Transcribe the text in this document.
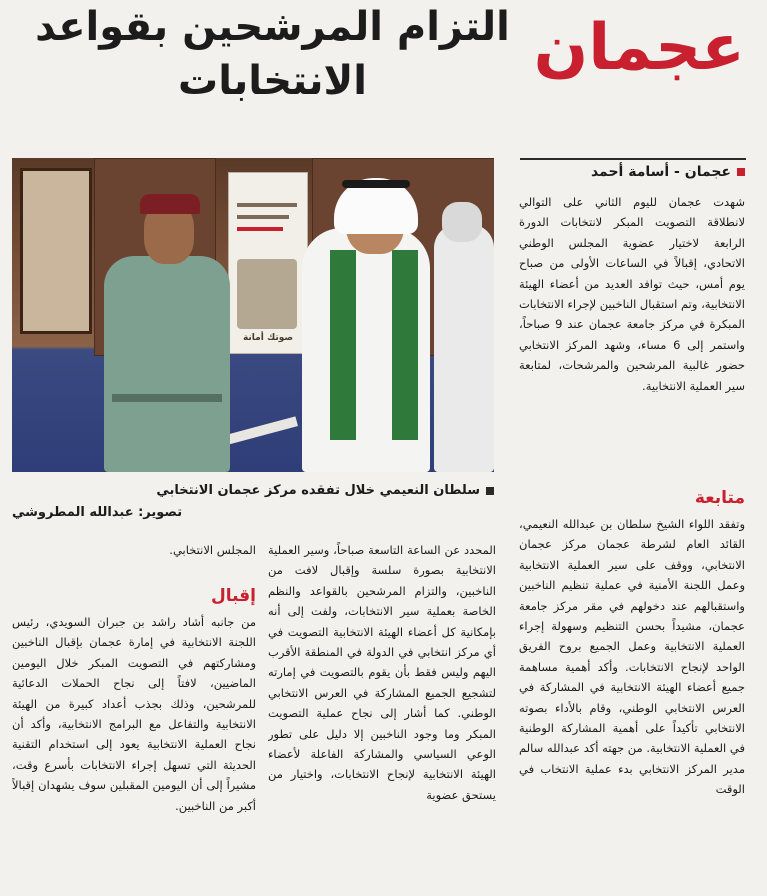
عجمان
التزام المرشحين بقواعد الانتخابات
عجمان - أسامة أحمد
صوتك أمانة
سلطان النعيمي خلال تفقده مركز عجمان الانتخابي
تصوير: عبدالله المطروشي

شهدت عجمان لليوم الثاني على التوالي لانطلاقة التصويت المبكر لانتخابات الدورة الرابعة لاختيار عضوية المجلس الوطني الاتحادي، إقبالاً في الساعات الأولى من صباح يوم أمس، حيث توافد العديد من أعضاء الهيئة الانتخابية، وتم استقبال الناخبين لإجراء الانتخابات المبكرة في مركز جامعة عجمان عند 9 صباحاً، واستمر إلى 6 مساء، وشهد المركز الانتخابي حضور غالبية المرشحين والمرشحات، لمتابعة سير العملية الانتخابية.

متابعة

وتفقد اللواء الشيخ سلطان بن عبدالله النعيمي، القائد العام لشرطة عجمان مركز عجمان الانتخابي، ووقف على سير العملية الانتخابية وعمل اللجنة الأمنية في عملية تنظيم الناخبين واستقبالهم عند دخولهم في مقر مركز جامعة عجمان، مشيداً بحسن التنظيم وسهولة إجراء العملية الانتخابية وعمل الجميع بروح الفريق الواحد لإنجاح الانتخابات. وأكد أهمية مساهمة جميع أعضاء الهيئة الانتخابية في المشاركة في العرس الانتخابي الوطني، وقام بالأداء بصوته الانتخابي تأكيداً على أهمية المشاركة الوطنية في العملية الانتخابية. من جهته أكد عبدالله سالم مدير المركز الانتخابي بدء عملية الانتخاب في الوقت

المحدد عن الساعة التاسعة صباحاً، وسير العملية الانتخابية بصورة سلسة وإقبال لافت من الناخبين، والتزام المرشحين بالقواعد والنظم الخاصة بعملية سير الانتخابات، ولفت إلى أنه بإمكانية كل أعضاء الهيئة الانتخابية التصويت في أي مركز انتخابي في الدولة في المنطقة الأقرب اليهم وليس فقط بأن يقوم بالتصويت في إمارته لتشجيع الجميع المشاركة في العرس الانتخابي الوطني. كما أشار إلى نجاح عملية التصويت المبكر وما وجود الناخبين إلا دليل على تطور الوعي السياسي والمشاركة الفاعلة لأعضاء الهيئة الانتخابية لإنجاح الانتخابات، واختيار من يستحق عضوية

المجلس الانتخابي.

إقبال

من جانبه أشاد راشد بن جبران السويدي، رئيس اللجنة الانتخابية في إمارة عجمان بإقبال الناخبين ومشاركتهم في التصويت المبكر خلال اليومين الماضيين، لافتاً إلى نجاح الحملات الدعائية للمرشحين، وذلك بجذب أعداد كبيرة من الهيئة الانتخابية والتفاعل مع البرامج الانتخابية، وأكد أن نجاح العملية الانتخابية يعود إلى استخدام التقنية الحديثة التي تسهل إجراء الانتخابات بأسرع وقت، مشيراً إلى أن اليومين المقبلين سوف يشهدان إقبالاً أكبر من الناخبين.
